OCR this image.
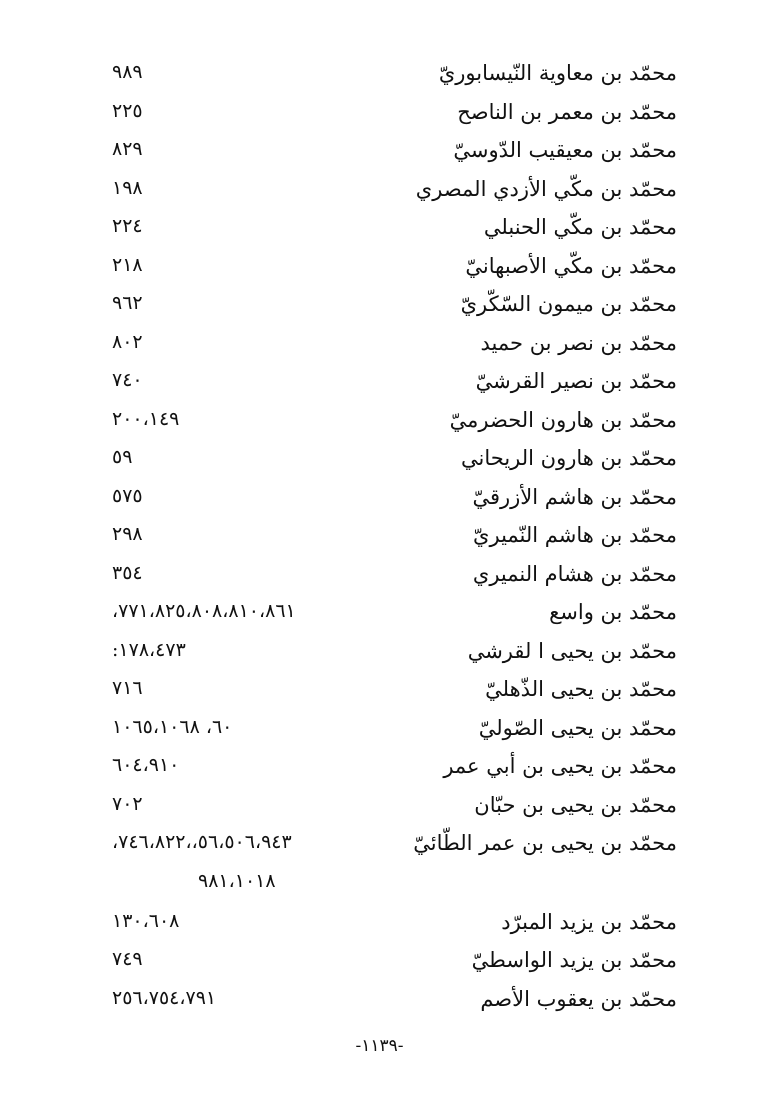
محمّد بن معاوية النّيسابوريّ
٩٨٩
محمّد بن معمر بن الناصح
٢٢٥
محمّد بن معيقيب الدّوسيّ
٨٢٩
محمّد بن مكّي الأزدي المصري
١٩٨
محمّد بن مكّي الحنبلي
٢٢٤
محمّد بن مكّي الأصبهانيّ
٢١٨
محمّد بن ميمون السّكّريّ
٩٦٢
محمّد بن نصر بن حميد
٨٠٢
محمّد بن نصير القرشيّ
٧٤٠
محمّد بن هارون الحضرميّ
٢٠٠،١٤٩
محمّد بن هارون الريحاني
٥٩
محمّد بن هاشم الأزرقيّ
٥٧٥
محمّد بن هاشم النّميريّ
٢٩٨
محمّد بن هشام النميري
٣٥٤
محمّد بن واسع
٧٧١،٨٢٥،٨٠٨،٨١٠،٨٦١،
محمّد بن يحيى ا لقرشي
١٧٨،٤٧٣:
محمّد بن يحيى الذّهليّ
٧١٦
محمّد بن يحيى الصّوليّ
٦٠، ١٠٦٥،١٠٦٨
محمّد بن يحيى بن أبي عمر
٦٠٤،٩١٠
محمّد بن يحيى بن حبّان
٧٠٢
محمّد بن يحيى بن عمر الطّائيّ
٥٦،٥٠٦،٩٤٣،،٧٤٦،٨٢٢،
٩٨١،١٠١٨
محمّد بن يزيد المبرّد
١٣٠،٦٠٨
محمّد بن يزيد الواسطيّ
٧٤٩
محمّد بن يعقوب الأصم
٢٥٦،٧٥٤،٧٩١
-١١٣٩-
